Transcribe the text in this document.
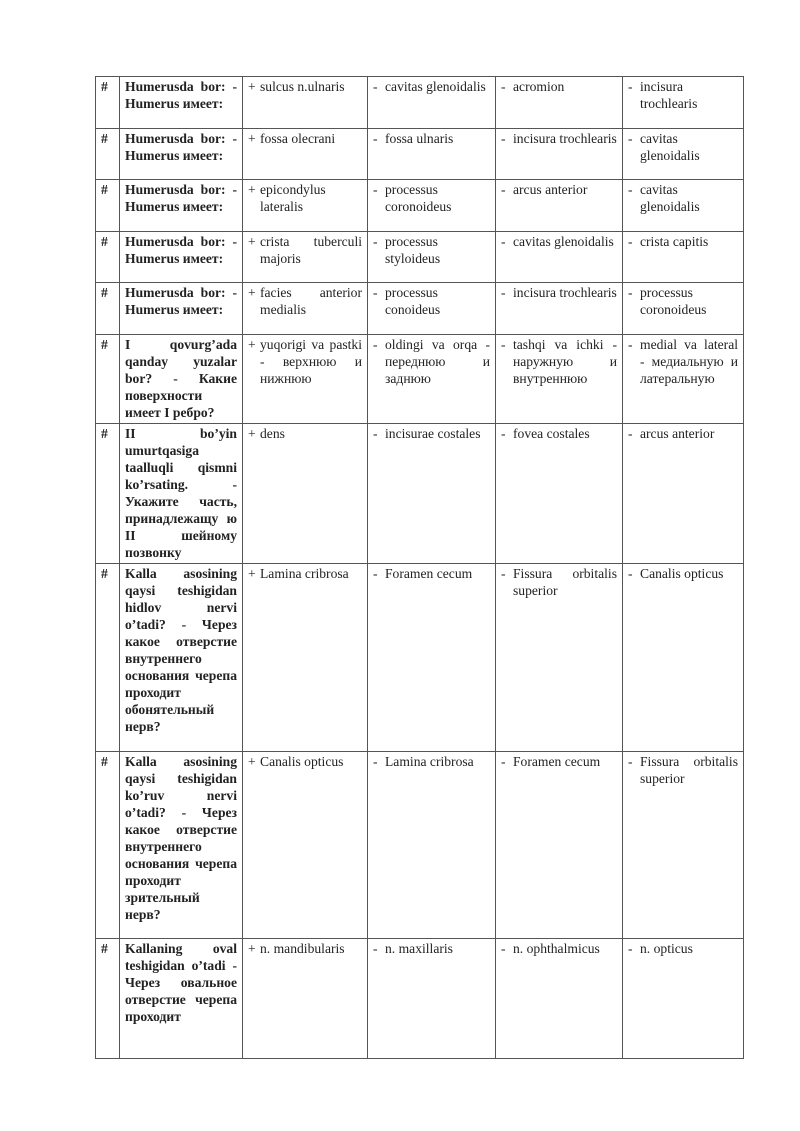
#	Humerusda bor: - Humerus имеет:	+ sulcus n.ulnaris	- cavitas glenoidalis	- acromion	- incisura trochlearis

#	Humerusda bor: - Humerus имеет:	+ fossa olecrani	- fossa ulnaris	- incisura trochlearis	- cavitas glenoidalis

#	Humerusda bor: - Humerus имеет:	+ epicondylus lateralis	- processus coronoideus	- arcus anterior	- cavitas glenoidalis

#	Humerusda bor: - Humerus имеет:	+ crista tuberculi majoris	- processus styloideus	- cavitas glenoidalis	- crista capitis

#	Humerusda bor: - Humerus имеет:	+ facies anterior medialis	- processus conoideus	- incisura trochlearis	- processus coronoideus

#	I qovurg’ada qanday yuzalar bor? - Какие поверхности имеет I ребро?	+ yuqorigi va pastki - верхнюю и нижнюю	- oldingi va orqa - переднюю и заднюю	- tashqi va ichki - наружную и внутреннюю	- medial va lateral - медиальную и латеральную

#	II bo’yin umurtqasiga taalluqli qismni ko’rsating. - Укажите часть, принадлежащу ю II шейному позвонку	+ dens	- incisurae costales	- fovea costales	- arcus anterior

#	Kalla asosining qaysi teshigidan hidlov nervi o’tadi? - Через какое отверстие внутреннего основания черепа проходит обонятельный нерв?	+ Lamina cribrosa	- Foramen cecum	- Fissura orbitalis superior	- Canalis opticus

#	Kalla asosining qaysi teshigidan ko’ruv nervi o’tadi? - Через какое отверстие внутреннего основания черепа проходит зрительный нерв?	+ Canalis opticus	- Lamina cribrosa	- Foramen cecum	- Fissura orbitalis superior

#	Kallaning oval teshigidan o’tadi - Через овальное отверстие черепа проходит	+ n. mandibularis	- n. maxillaris	- n. ophthalmicus	- n. opticus
